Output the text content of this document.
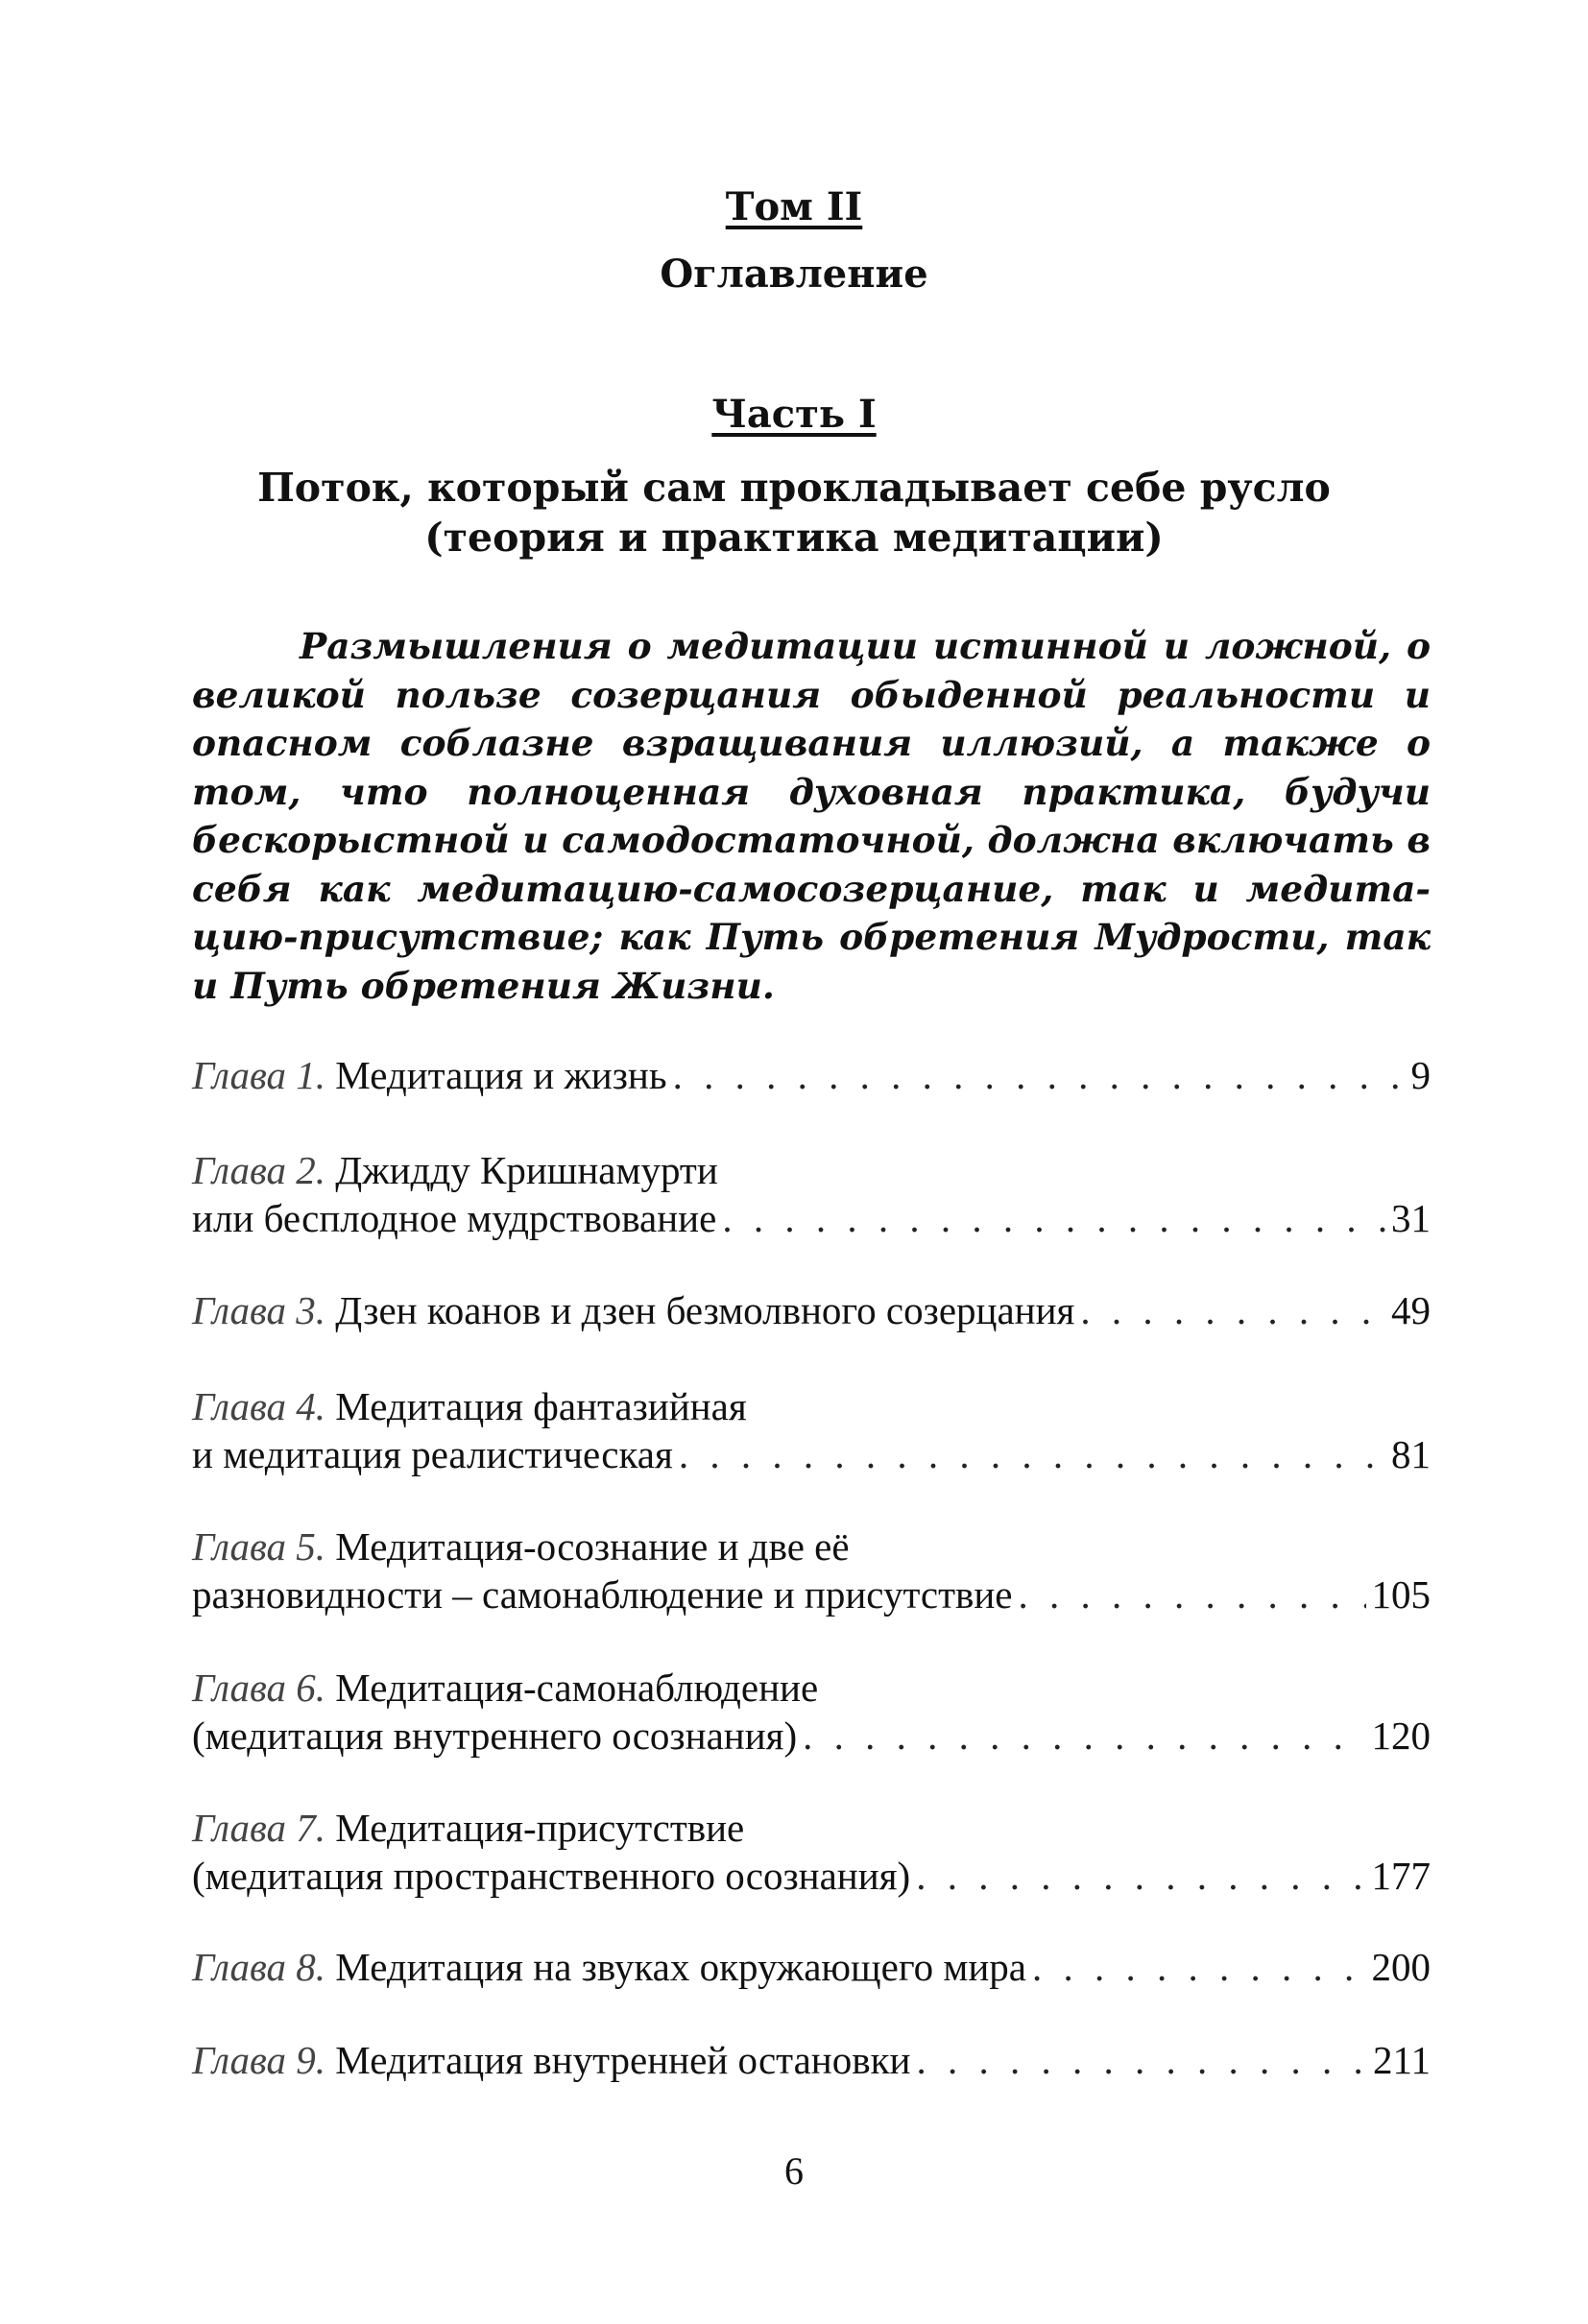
Том II
Оглавление
Часть I
Поток, который сам прокладывает себе русло
(теория и практика медитации)

Размышления о медитации истинной и ложной, о великой пользе созерцания обыденной реальности и опасном соблазне взращивания иллюзий, а также о том, что полноценная духовная практика, будучи бескорыстной и самодостаточной, должна включать в себя как медитацию-самосозерцание, так и медитацию-присутствие; как Путь обретения Мудрости, так и Путь обретения Жизни.

Глава 1.
Медитация и жизнь . . .	9
Глава 2.
Джидду Кришнамурти
или бесплодное мудрствование . . .	31
Глава 3.
Дзен коанов и дзен безмолвного созерцания . . .	49
Глава 4.
Медитация фантазийная
и медитация реалистическая . . .	81
Глава 5.
Медитация-осознание и две её
разновидности – самонаблюдение и присутствие . . .	105
Глава 6.
Медитация-самонаблюдение
(медитация внутреннего осознания) . . .	120
Глава 7.
Медитация-присутствие
(медитация пространственного осознания) . . .	177
Глава 8.
Медитация на звуках окружающего мира . . .	200
Глава 9.
Медитация внутренней остановки . . .	211
6
